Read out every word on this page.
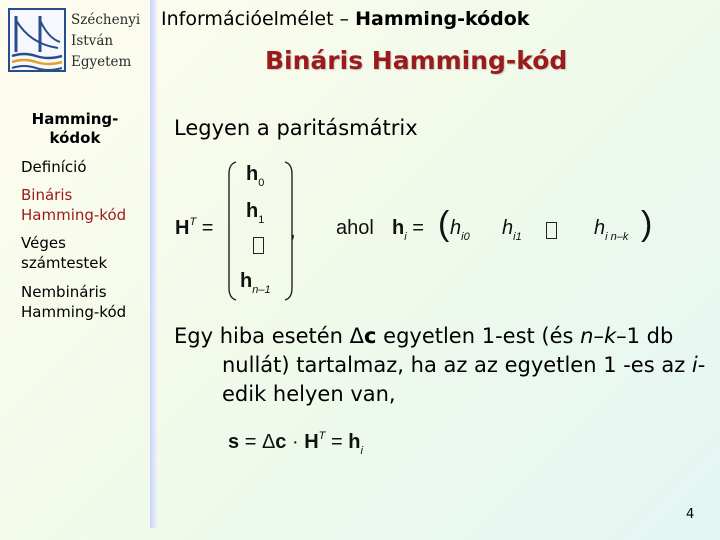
Széchenyi
István
Egyetem
Információelmélet – Hamming-kódok
Bináris Hamming-kód
Hamming-kódok
Definíció
Bináris Hamming-kód
Véges számtestek
Nembináris Hamming-kód
Legyen a paritásmátrix
$H^T$ =
$h_0$
$h_1$
$h_{n-1}$
, ahol $h_i$ = ( $h_{i0}$ $h_{i1}$	$h_{i n-k}$ )
Egy hiba esetén Δc egyetlen 1-est (és n–k–1 db nullát) tartalmaz, ha az az egyetlen 1 -es az i-edik helyen van,
$s = \Delta c \cdot H^T = h_i$
4
